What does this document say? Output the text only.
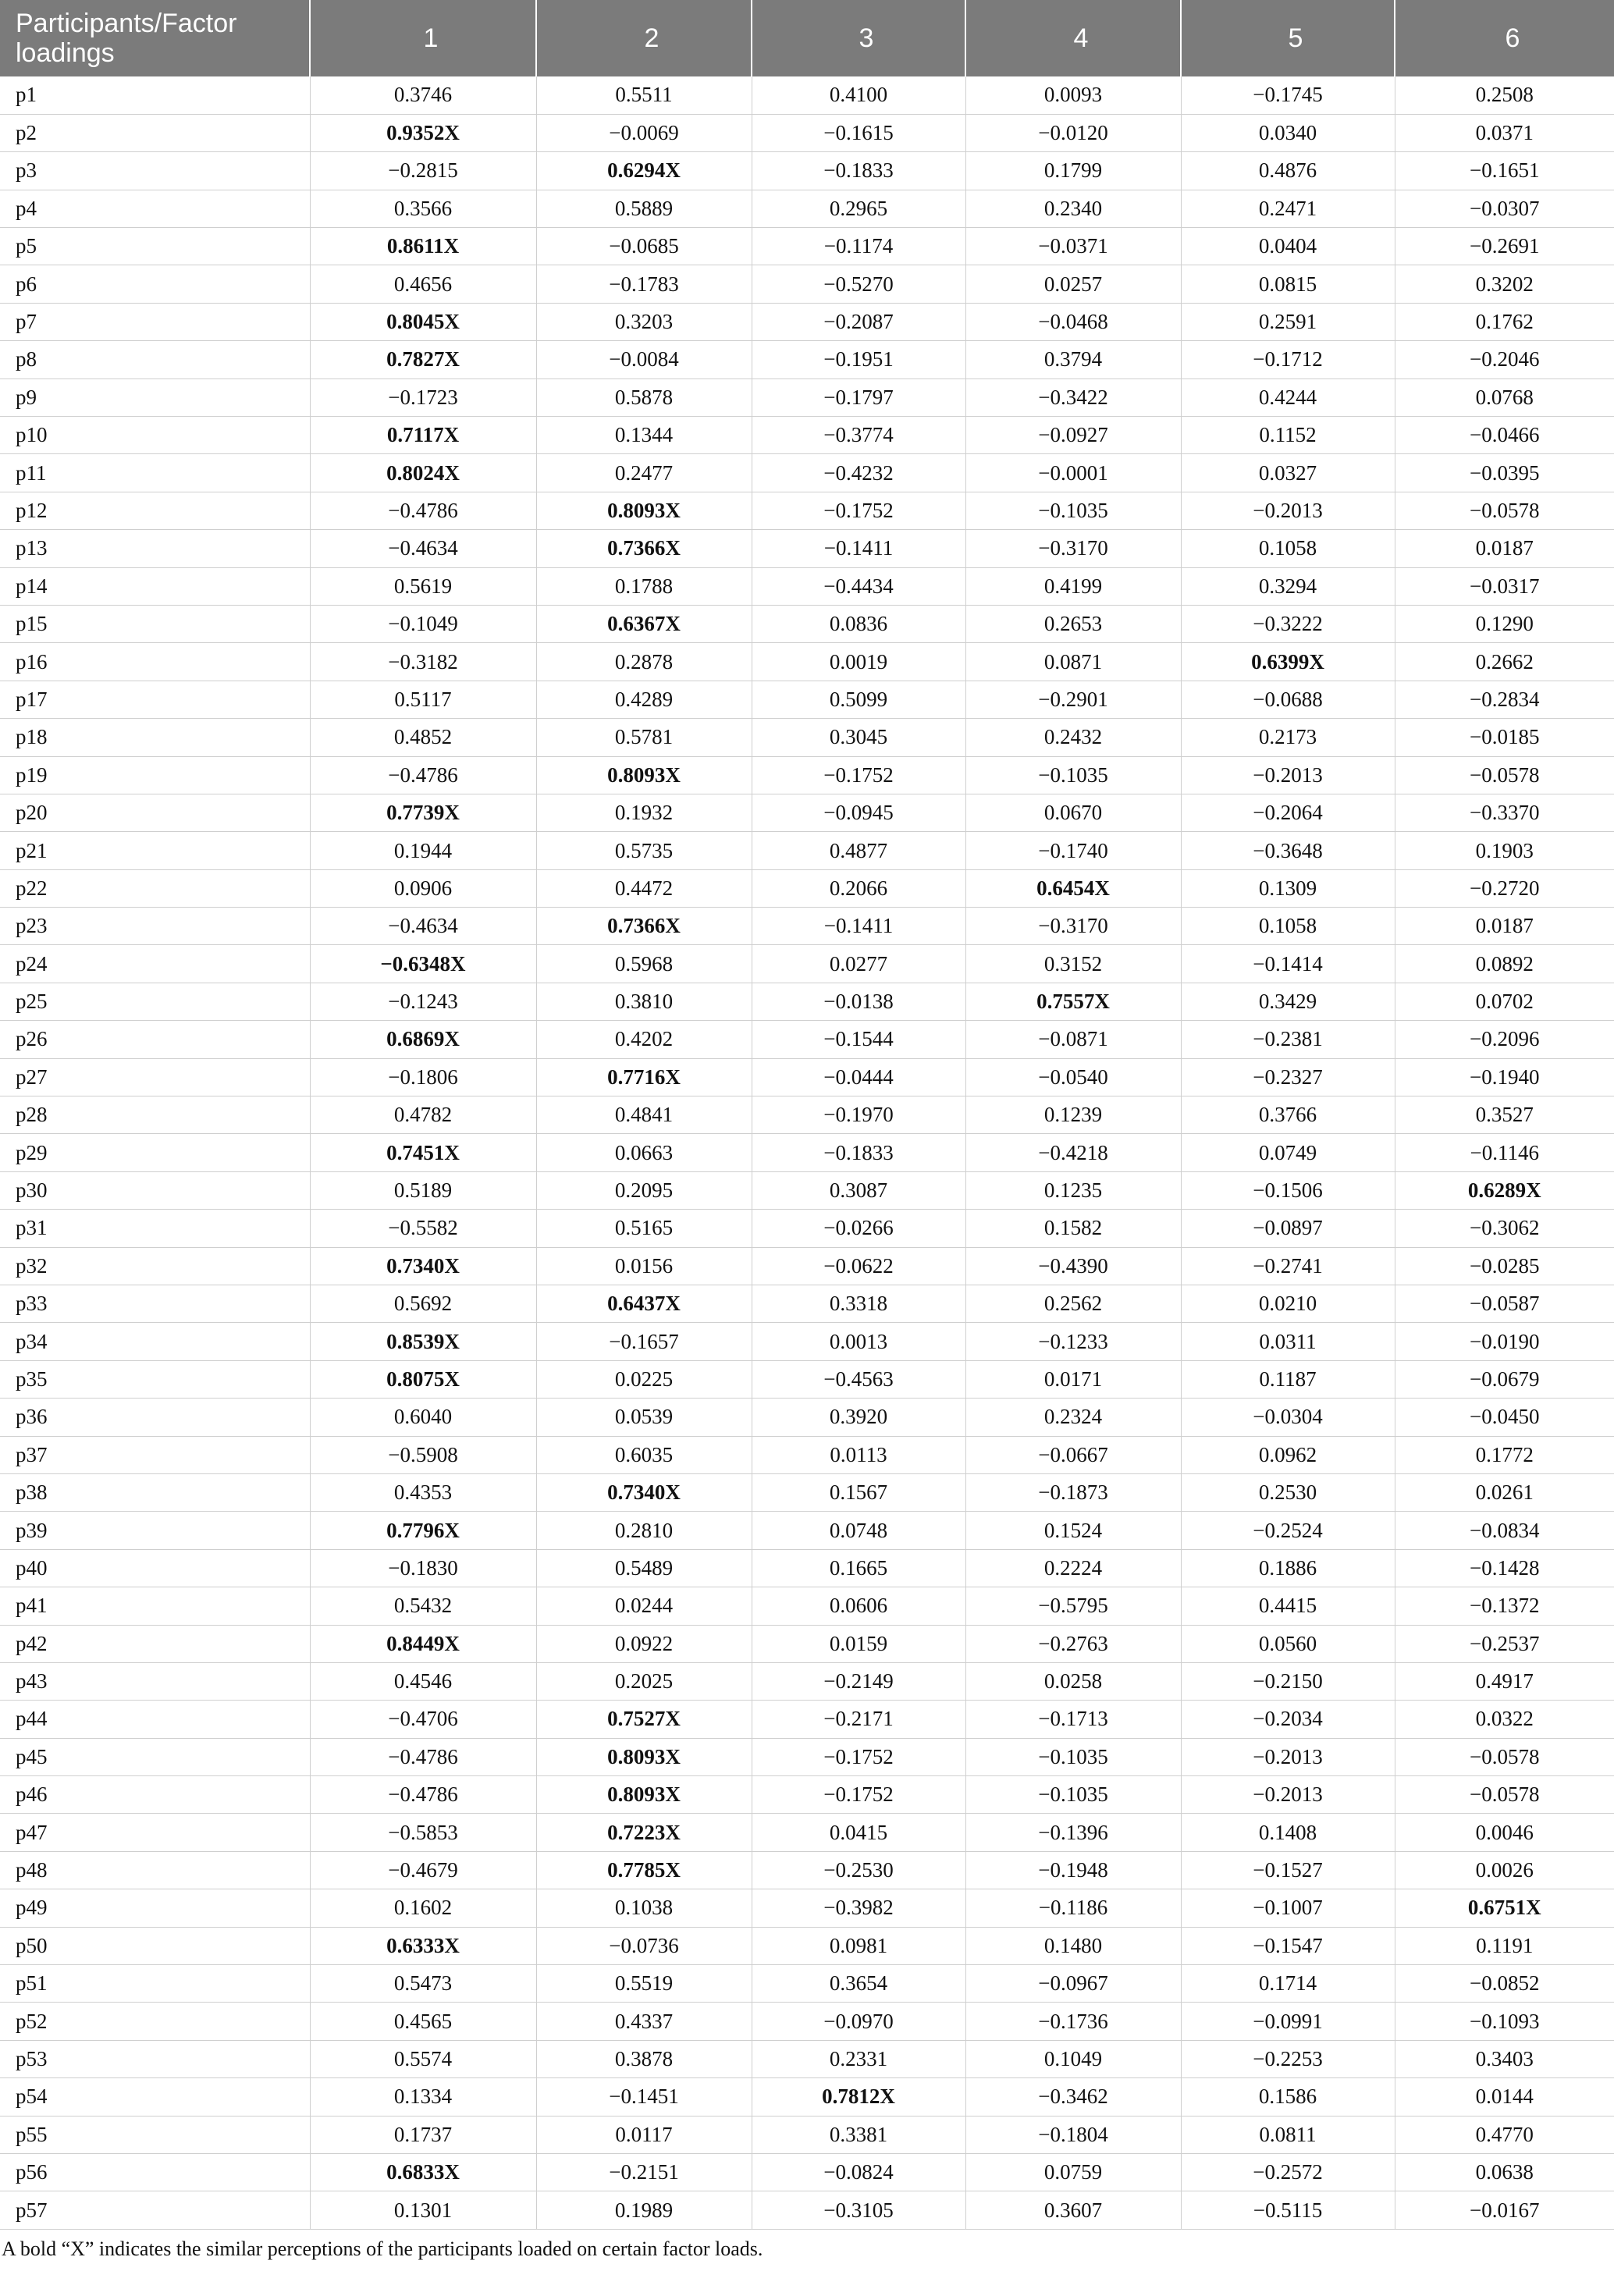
Participants/Factor loadings	1	2	3	4	5	6
p1	0.3746	0.5511	0.4100	0.0093	−0.1745	0.2508
p2	0.9352X	−0.0069	−0.1615	−0.0120	0.0340	0.0371
p3	−0.2815	0.6294X	−0.1833	0.1799	0.4876	−0.1651
p4	0.3566	0.5889	0.2965	0.2340	0.2471	−0.0307
p5	0.8611X	−0.0685	−0.1174	−0.0371	0.0404	−0.2691
p6	0.4656	−0.1783	−0.5270	0.0257	0.0815	0.3202
p7	0.8045X	0.3203	−0.2087	−0.0468	0.2591	0.1762
p8	0.7827X	−0.0084	−0.1951	0.3794	−0.1712	−0.2046
p9	−0.1723	0.5878	−0.1797	−0.3422	0.4244	0.0768
p10	0.7117X	0.1344	−0.3774	−0.0927	0.1152	−0.0466
p11	0.8024X	0.2477	−0.4232	−0.0001	0.0327	−0.0395
p12	−0.4786	0.8093X	−0.1752	−0.1035	−0.2013	−0.0578
p13	−0.4634	0.7366X	−0.1411	−0.3170	0.1058	0.0187
p14	0.5619	0.1788	−0.4434	0.4199	0.3294	−0.0317
p15	−0.1049	0.6367X	0.0836	0.2653	−0.3222	0.1290
p16	−0.3182	0.2878	0.0019	0.0871	0.6399X	0.2662
p17	0.5117	0.4289	0.5099	−0.2901	−0.0688	−0.2834
p18	0.4852	0.5781	0.3045	0.2432	0.2173	−0.0185
p19	−0.4786	0.8093X	−0.1752	−0.1035	−0.2013	−0.0578
p20	0.7739X	0.1932	−0.0945	0.0670	−0.2064	−0.3370
p21	0.1944	0.5735	0.4877	−0.1740	−0.3648	0.1903
p22	0.0906	0.4472	0.2066	0.6454X	0.1309	−0.2720
p23	−0.4634	0.7366X	−0.1411	−0.3170	0.1058	0.0187
p24	−0.6348X	0.5968	0.0277	0.3152	−0.1414	0.0892
p25	−0.1243	0.3810	−0.0138	0.7557X	0.3429	0.0702
p26	0.6869X	0.4202	−0.1544	−0.0871	−0.2381	−0.2096
p27	−0.1806	0.7716X	−0.0444	−0.0540	−0.2327	−0.1940
p28	0.4782	0.4841	−0.1970	0.1239	0.3766	0.3527
p29	0.7451X	0.0663	−0.1833	−0.4218	0.0749	−0.1146
p30	0.5189	0.2095	0.3087	0.1235	−0.1506	0.6289X
p31	−0.5582	0.5165	−0.0266	0.1582	−0.0897	−0.3062
p32	0.7340X	0.0156	−0.0622	−0.4390	−0.2741	−0.0285
p33	0.5692	0.6437X	0.3318	0.2562	0.0210	−0.0587
p34	0.8539X	−0.1657	0.0013	−0.1233	0.0311	−0.0190
p35	0.8075X	0.0225	−0.4563	0.0171	0.1187	−0.0679
p36	0.6040	0.0539	0.3920	0.2324	−0.0304	−0.0450
p37	−0.5908	0.6035	0.0113	−0.0667	0.0962	0.1772
p38	0.4353	0.7340X	0.1567	−0.1873	0.2530	0.0261
p39	0.7796X	0.2810	0.0748	0.1524	−0.2524	−0.0834
p40	−0.1830	0.5489	0.1665	0.2224	0.1886	−0.1428
p41	0.5432	0.0244	0.0606	−0.5795	0.4415	−0.1372
p42	0.8449X	0.0922	0.0159	−0.2763	0.0560	−0.2537
p43	0.4546	0.2025	−0.2149	0.0258	−0.2150	0.4917
p44	−0.4706	0.7527X	−0.2171	−0.1713	−0.2034	0.0322
p45	−0.4786	0.8093X	−0.1752	−0.1035	−0.2013	−0.0578
p46	−0.4786	0.8093X	−0.1752	−0.1035	−0.2013	−0.0578
p47	−0.5853	0.7223X	0.0415	−0.1396	0.1408	0.0046
p48	−0.4679	0.7785X	−0.2530	−0.1948	−0.1527	0.0026
p49	0.1602	0.1038	−0.3982	−0.1186	−0.1007	0.6751X
p50	0.6333X	−0.0736	0.0981	0.1480	−0.1547	0.1191
p51	0.5473	0.5519	0.3654	−0.0967	0.1714	−0.0852
p52	0.4565	0.4337	−0.0970	−0.1736	−0.0991	−0.1093
p53	0.5574	0.3878	0.2331	0.1049	−0.2253	0.3403
p54	0.1334	−0.1451	0.7812X	−0.3462	0.1586	0.0144
p55	0.1737	0.0117	0.3381	−0.1804	0.0811	0.4770
p56	0.6833X	−0.2151	−0.0824	0.0759	−0.2572	0.0638
p57	0.1301	0.1989	−0.3105	0.3607	−0.5115	−0.0167
A bold “X” indicates the similar perceptions of the participants loaded on certain factor loads.
